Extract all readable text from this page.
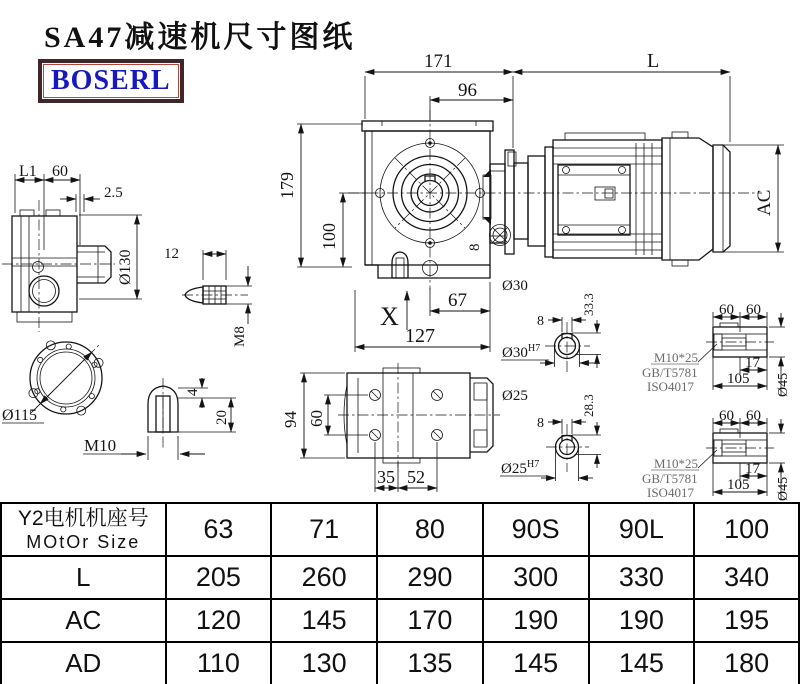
L1 60
2.5
Ø130
Ø115
M10
12
M8
4
20
8
171	L
96
179
100
X
67
127
Ø30
AC
94 60
35 52
8
33.3
Ø30 H7
Ø25
8
28.3
Ø25 H7
60 60
17
105 Ø45
M10*25
GB/T5781
ISO4017
60 60
17
105 Ø45
M10*25
GB/T5781
ISO4017
SA47减速机尺寸图纸
BOSERL
Y2电机机座号
MOtOr Size	63	71	80	90S	90L	100
L	205	260	290	300	330	340
AC	120	145	170	190	190	195
AD	110	130	135	145	145	180
